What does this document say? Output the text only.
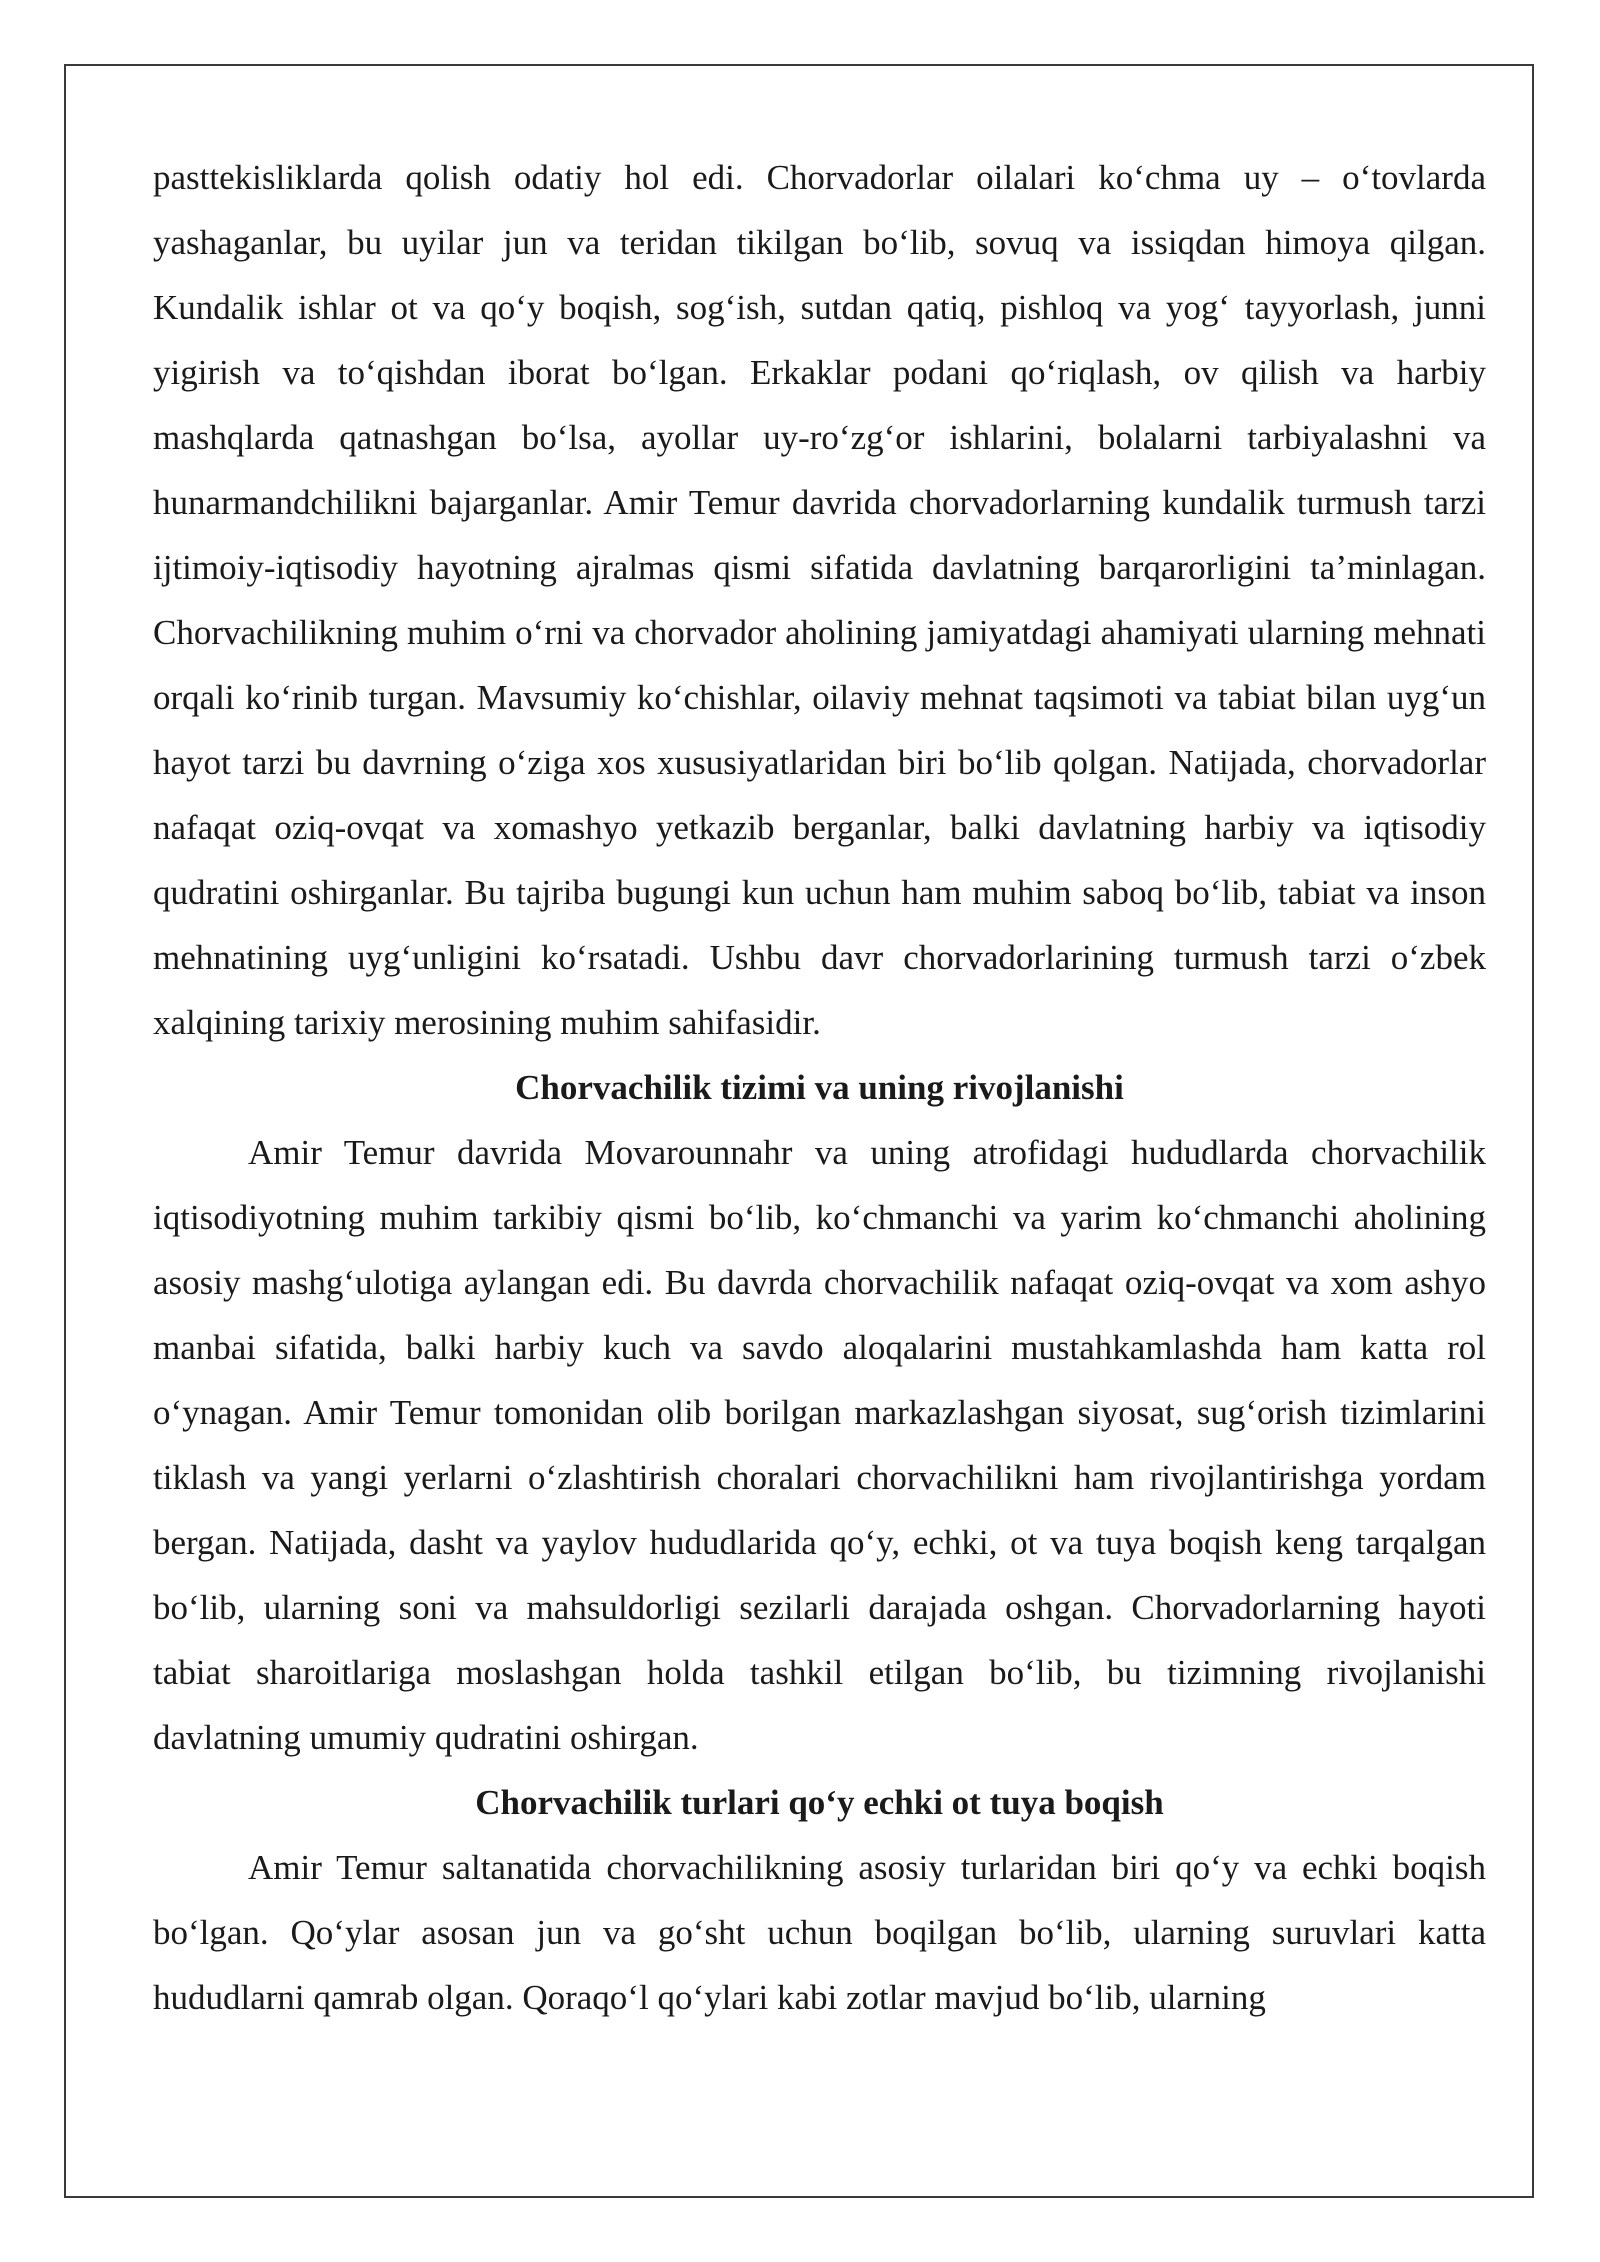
pasttekisliklarda qolish odatiy hol edi. Chorvadorlar oilalari ko‘chma uy – o‘tovlarda yashaganlar, bu uyilar jun va teridan tikilgan bo‘lib, sovuq va issiqdan himoya qilgan. Kundalik ishlar ot va qo‘y boqish, sog‘ish, sutdan qatiq, pishloq va yog‘ tayyorlash, junni yigirish va to‘qishdan iborat bo‘lgan. Erkaklar podani qo‘riqlash, ov qilish va harbiy mashqlarda qatnashgan bo‘lsa, ayollar uy-ro‘zg‘or ishlarini, bolalarni tarbiyalashni va hunarmandchilikni bajarganlar. Amir Temur davrida chorvadorlarning kundalik turmush tarzi ijtimoiy-iqtisodiy hayotning ajralmas qismi sifatida davlatning barqarorligini ta’minlagan. Chorvachilikning muhim o‘rni va chorvador aholining jamiyatdagi ahamiyati ularning mehnati orqali ko‘rinib turgan. Mavsumiy ko‘chishlar, oilaviy mehnat taqsimoti va tabiat bilan uyg‘un hayot tarzi bu davrning o‘ziga xos xususiyatlaridan biri bo‘lib qolgan. Natijada, chorvadorlar nafaqat oziq-ovqat va xomashyo yetkazib berganlar, balki davlatning harbiy va iqtisodiy qudratini oshirganlar. Bu tajriba bugungi kun uchun ham muhim saboq bo‘lib, tabiat va inson mehnatining uyg‘unligini ko‘rsatadi. Ushbu davr chorvadorlarining turmush tarzi o‘zbek xalqining tarixiy merosining muhim sahifasidir.

Chorvachilik tizimi va uning rivojlanishi

Amir Temur davrida Movarounnahr va uning atrofidagi hududlarda chorvachilik iqtisodiyotning muhim tarkibiy qismi bo‘lib, ko‘chmanchi va yarim ko‘chmanchi aholining asosiy mashg‘ulotiga aylangan edi. Bu davrda chorvachilik nafaqat oziq-ovqat va xom ashyo manbai sifatida, balki harbiy kuch va savdo aloqalarini mustahkamlashda ham katta rol o‘ynagan. Amir Temur tomonidan olib borilgan markazlashgan siyosat, sug‘orish tizimlarini tiklash va yangi yerlarni o‘zlashtirish choralari chorvachilikni ham rivojlantirishga yordam bergan. Natijada, dasht va yaylov hududlarida qo‘y, echki, ot va tuya boqish keng tarqalgan bo‘lib, ularning soni va mahsuldorligi sezilarli darajada oshgan. Chorvadorlarning hayoti tabiat sharoitlariga moslashgan holda tashkil etilgan bo‘lib, bu tizimning rivojlanishi davlatning umumiy qudratini oshirgan.

Chorvachilik turlari qo‘y echki ot tuya boqish

Amir Temur saltanatida chorvachilikning asosiy turlaridan biri qo‘y va echki boqish bo‘lgan. Qo‘ylar asosan jun va go‘sht uchun boqilgan bo‘lib, ularning suruvlari katta hududlarni qamrab olgan. Qoraqo‘l qo‘ylari kabi zotlar mavjud bo‘lib, ularning
